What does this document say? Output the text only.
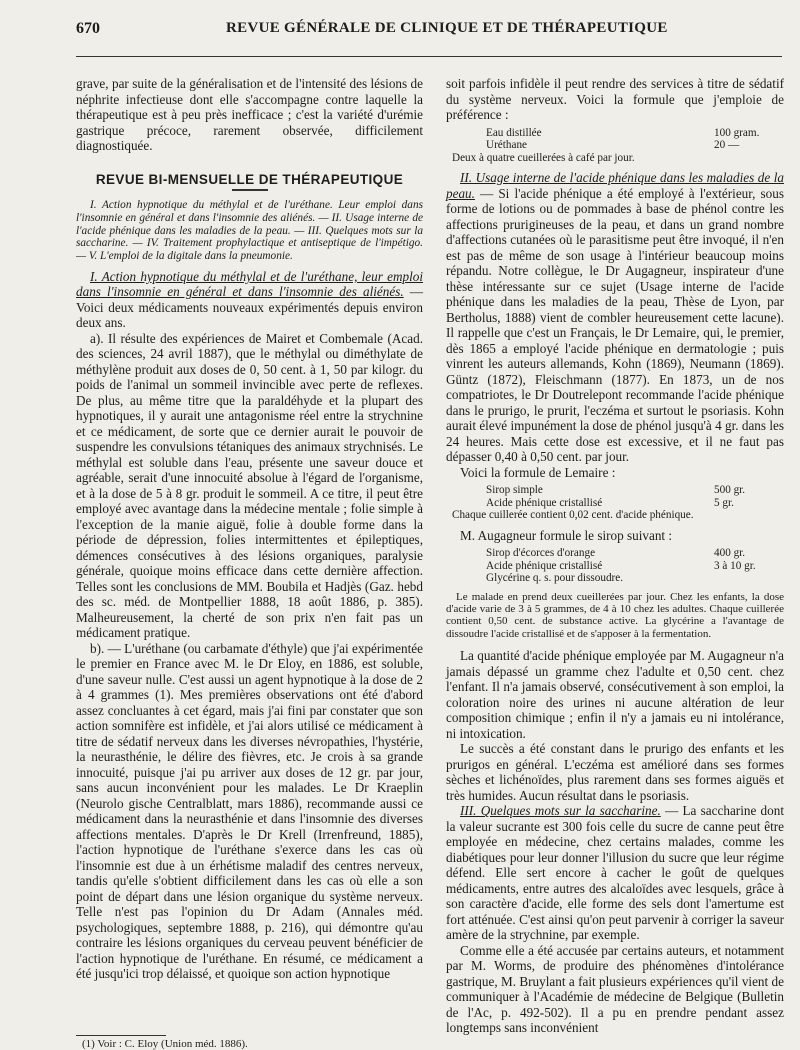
670	REVUE GÉNÉRALE DE CLINIQUE ET DE THÉRAPEUTIQUE

grave, par suite de la généralisation et de l'intensité des lésions de néphrite infectieuse dont elle s'accompagne contre laquelle la thérapeutique est à peu près inefficace ; c'est la variété d'urémie gastrique précoce, rarement observée, difficilement diagnostiquée.

REVUE BI-MENSUELLE DE THÉRAPEUTIQUE

I. Action hypnotique du méthylal et de l'uréthane. Leur emploi dans l'insomnie en général et dans l'insomnie des aliénés. — II. Usage interne de l'acide phénique dans les maladies de la peau. — III. Quelques mots sur la saccharine. — IV. Traitement prophylactique et antiseptique de l'impétigo. — V. L'emploi de la digitale dans la pneumonie.

I. Action hypnotique du méthylal et de l'uréthane, leur emploi dans l'insomnie en général et dans l'insomnie des aliénés. — Voici deux médicaments nouveaux expérimentés depuis environ deux ans.

a). Il résulte des expériences de Mairet et Combemale (Acad. des sciences, 24 avril 1887), que le méthylal ou diméthylate de méthylène produit aux doses de 0, 50 cent. à 1, 50 par kilogr. du poids de l'animal un sommeil invincible avec perte de reflexes. De plus, au même titre que la paraldéhyde et la plupart des hypnotiques, il y aurait une antagonisme réel entre la strychnine et ce médicament, de sorte que ce dernier aurait le pouvoir de suspendre les convulsions tétaniques des animaux strychnisés. Le méthylal est soluble dans l'eau, présente une saveur douce et agréable, serait d'une innocuité absolue à l'égard de l'organisme, et à la dose de 5 à 8 gr. produit le sommeil. A ce titre, il peut être employé avec avantage dans la médecine mentale ; folie simple à l'exception de la manie aiguë, folie à double forme dans la période de dépression, folies intermittentes et épileptiques, démences consécutives à des lésions organiques, paralysie générale, quoique moins efficace dans cette dernière affection. Telles sont les conclusions de MM. Boubila et Hadjès (Gaz. hebd des sc. méd. de Montpellier 1888, 18 août 1886, p. 385). Malheureusement, la cherté de son prix n'en fait pas un médicament pratique.

b). — L'uréthane (ou carbamate d'éthyle) que j'ai expérimentée le premier en France avec M. le Dr Eloy, en 1886, est soluble, d'une saveur nulle. C'est aussi un agent hypnotique à la dose de 2 à 4 grammes (1). Mes premières observations ont été d'abord assez concluantes à cet égard, mais j'ai fini par constater que son action somnifère est infidèle, et j'ai alors utilisé ce médicament à titre de sédatif nerveux dans les diverses névropathies, l'hystérie, la neurasthénie, le délire des fièvres, etc. Je crois à sa grande innocuité, puisque j'ai pu arriver aux doses de 12 gr. par jour, sans aucun inconvénient pour les malades. Le Dr Kraeplin (Neurolo gische Centralblatt, mars 1886), recommande aussi ce médicament dans la neurasthénie et dans l'insomnie des diverses affections mentales. D'après le Dr Krell (Irrenfreund, 1885), l'action hypnotique de l'uréthane s'exerce dans les cas où l'insomnie est due à un érhétisme maladif des centres nerveux, tandis qu'elle s'obtient difficilement dans les cas où elle a son point de départ dans une lésion organique du système nerveux. Telle n'est pas l'opinion du Dr Adam (Annales méd. psychologiques, septembre 1888, p. 216), qui démontre qu'au contraire les lésions organiques du cerveau peuvent bénéficier de l'action hypnotique de l'uréthane. En résumé, ce médicament a été jusqu'ici trop délaissé, et quoique son action hypnotique

soit parfois infidèle il peut rendre des services à titre de sédatif du système nerveux. Voici la formule que j'emploie de préférence :

Eau distillée	100 gram.
Uréthane	20 —
Deux à quatre cueillerées à café par jour.

II. Usage interne de l'acide phénique dans les maladies de la peau. — Si l'acide phénique a été employé à l'extérieur, sous forme de lotions ou de pommades à base de phénol contre les affections prurigineuses de la peau, et dans un grand nombre d'affections cutanées où le parasitisme peut être invoqué, il n'en est pas de même de son usage à l'intérieur beaucoup moins répandu. Notre collègue, le Dr Augagneur, inspirateur d'une thèse intéressante sur ce sujet (Usage interne de l'acide phénique dans les maladies de la peau, Thèse de Lyon, par Bertholus, 1888) vient de combler heureusement cette lacune). Il rappelle que c'est un Français, le Dr Lemaire, qui, le premier, dès 1865 a employé l'acide phénique en dermatologie ; puis vinrent les auteurs allemands, Kohn (1869), Neumann (1869). Güntz (1872), Fleischmann (1877). En 1873, un de nos compatriotes, le Dr Doutrelepont recommande l'acide phénique dans le prurigo, le prurit, l'eczéma et surtout le psoriasis. Kohn aurait élevé impunément la dose de phénol jusqu'à 4 gr. dans les 24 heures. Mais cette dose est excessive, et il ne faut pas dépasser 0,40 à 0,50 cent. par jour.

Voici la formule de Lemaire :

Sirop simple	500 gr.
Acide phénique cristallisé	5 gr.
Chaque cuillerée contient 0,02 cent. d'acide phénique.

M. Augagneur formule le sirop suivant :

Sirop d'écorces d'orange	400 gr.
Acide phénique cristallisé	3 à 10 gr.
Glycérine q. s. pour dissoudre.

Le malade en prend deux cueillerées par jour. Chez les enfants, la dose d'acide varie de 3 à 5 grammes, de 4 à 10 chez les adultes. Chaque cuillerée contient 0,50 cent. de substance active. La glycérine a l'avantage de dissoudre l'acide cristallisé et de s'apposer à la fermentation.

La quantité d'acide phénique employée par M. Augagneur n'a jamais dépassé un gramme chez l'adulte et 0,50 cent. chez l'enfant. Il n'a jamais observé, consécutivement à son emploi, la coloration noire des urines ni aucune altération de leur composition chimique ; enfin il n'y a jamais eu ni intolérance, ni intoxication.

Le succès a été constant dans le prurigo des enfants et les prurigos en général. L'eczéma est amélioré dans ses formes sèches et lichénoïdes, plus rarement dans ses formes aiguës et très humides. Aucun résultat dans le psoriasis.

III. Quelques mots sur la saccharine. — La saccharine dont la valeur sucrante est 300 fois celle du sucre de canne peut être employée en médecine, chez certains malades, comme les diabétiques pour leur donner l'illusion du sucre que leur régime défend. Elle sert encore à cacher le goût de quelques médicaments, entre autres des alcaloïdes avec lesquels, grâce à son caractère d'acide, elle forme des sels dont l'amertume est fort atténuée. C'est ainsi qu'on peut parvenir à corriger la saveur amère de la strychnine, par exemple.

Comme elle a été accusée par certains auteurs, et notamment par M. Worms, de produire des phénomènes d'intolérance gastrique, M. Bruylant a fait plusieurs expériences qu'il vient de communiquer à l'Académie de médecine de Belgique (Bulletin de l'Ac, p. 492-502). Il a pu en prendre pendant assez longtemps sans inconvénient

(1) Voir : C. Eloy (Union méd. 1886).
